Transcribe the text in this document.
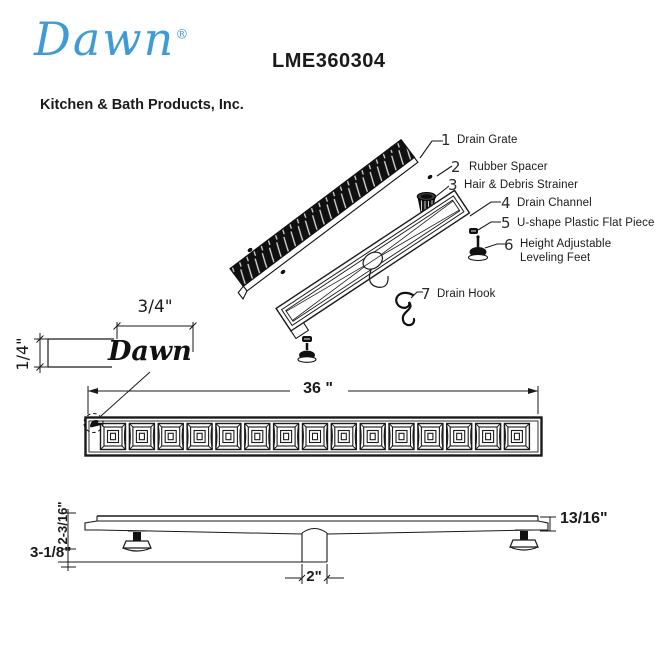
Dawn®
Kitchen & Bath Products, Inc.
LME360304
1 Drain Grate
2 Rubber Spacer
3 Hair & Debris Strainer
4 Drain Channel
5 U-shape Plastic Flat Piece
6 Height Adjustable
Leveling Feet
7 Drain Hook
3/4"
1/4"	Dawn
36 "
2-3/16"
3-1/8"
13/16"
2"
